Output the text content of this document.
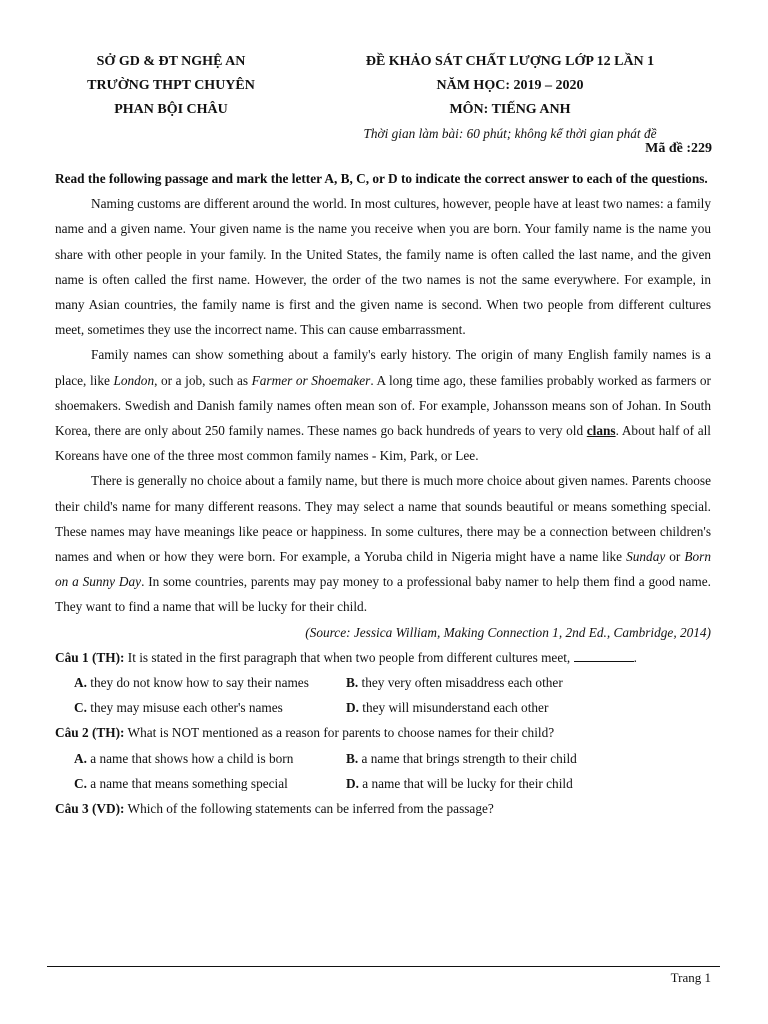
SỞ GD & ĐT NGHỆ AN
TRƯỜNG THPT CHUYÊN
PHAN BỘI CHÂU
ĐỀ KHẢO SÁT CHẤT LƯỢNG LỚP 12 LẦN 1
NĂM HỌC: 2019 – 2020
MÔN: TIẾNG ANH
Thời gian làm bài: 60 phút; không kể thời gian phát đề
Mã đề :229
Read the following passage and mark the letter A, B, C, or D to indicate the correct answer to each of the questions.

Naming customs are different around the world. In most cultures, however, people have at least two names: a family name and a given name. Your given name is the name you receive when you are born. Your family name is the name you share with other people in your family. In the United States, the family name is often called the last name, and the given name is often called the first name. However, the order of the two names is not the same everywhere. For example, in many Asian countries, the family name is first and the given name is second. When two people from different cultures meet, sometimes they use the incorrect name. This can cause embarrassment.

Family names can show something about a family's early history. The origin of many English family names is a place, like London, or a job, such as Farmer or Shoemaker. A long time ago, these families probably worked as farmers or shoemakers. Swedish and Danish family names often mean son of. For example, Johansson means son of Johan. In South Korea, there are only about 250 family names. These names go back hundreds of years to very old clans. About half of all Koreans have one of the three most common family names - Kim, Park, or Lee.

There is generally no choice about a family name, but there is much more choice about given names. Parents choose their child's name for many different reasons. They may select a name that sounds beautiful or means something special. These names may have meanings like peace or happiness. In some cultures, there may be a connection between children's names and when or how they were born. For example, a Yoruba child in Nigeria might have a name like Sunday or Born on a Sunny Day. In some countries, parents may pay money to a professional baby namer to help them find a good name. They want to find a name that will be lucky for their child.

(Source: Jessica William, Making Connection 1, 2nd Ed., Cambridge, 2014)

Câu 1 (TH): It is stated in the first paragraph that when two people from different cultures meet,	.

A. they do not know how to say their names	B. they very often misaddress each other
C. they may misuse each other's names	D. they will misunderstand each other

Câu 2 (TH): What is NOT mentioned as a reason for parents to choose names for their child?

A. a name that shows how a child is born	B. a name that brings strength to their child
C. a name that means something special	D. a name that will be lucky for their child

Câu 3 (VD): Which of the following statements can be inferred from the passage?

Trang 1
